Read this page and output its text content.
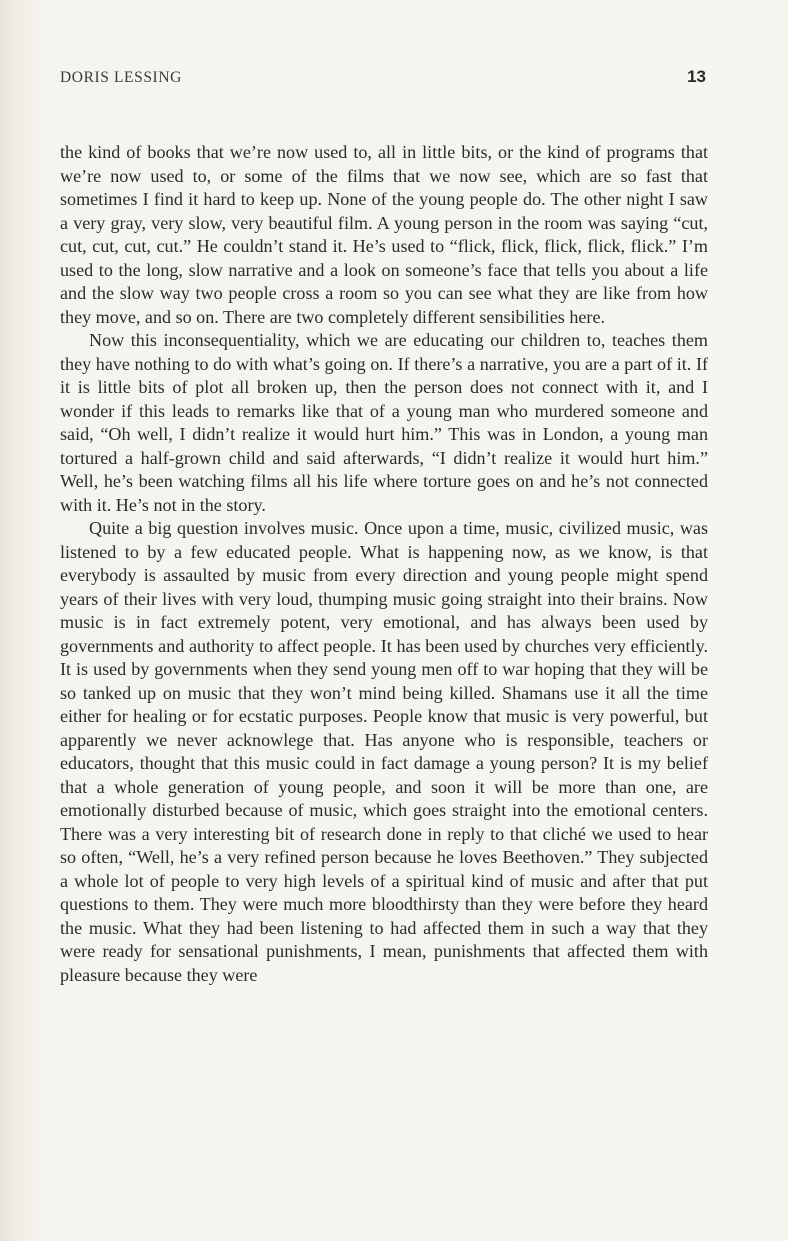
DORIS LESSING	13

the kind of books that we’re now used to, all in little bits, or the kind of programs that we’re now used to, or some of the films that we now see, which are so fast that sometimes I find it hard to keep up. None of the young people do. The other night I saw a very gray, very slow, very beautiful film. A young person in the room was saying “cut, cut, cut, cut, cut.” He couldn’t stand it. He’s used to “flick, flick, flick, flick, flick.” I’m used to the long, slow narrative and a look on someone’s face that tells you about a life and the slow way two people cross a room so you can see what they are like from how they move, and so on. There are two completely different sensibilities here.

Now this inconsequentiality, which we are educating our children to, teaches them they have nothing to do with what’s going on. If there’s a narrative, you are a part of it. If it is little bits of plot all broken up, then the person does not connect with it, and I wonder if this leads to remarks like that of a young man who murdered someone and said, “Oh well, I didn’t realize it would hurt him.” This was in London, a young man tortured a half-grown child and said afterwards, “I didn’t realize it would hurt him.” Well, he’s been watching films all his life where torture goes on and he’s not connected with it. He’s not in the story.

Quite a big question involves music. Once upon a time, music, civilized music, was listened to by a few educated people. What is happening now, as we know, is that everybody is assaulted by music from every direction and young people might spend years of their lives with very loud, thumping music going straight into their brains. Now music is in fact extremely potent, very emotional, and has always been used by governments and authority to affect people. It has been used by churches very efficiently. It is used by governments when they send young men off to war hoping that they will be so tanked up on music that they won’t mind being killed. Shamans use it all the time either for healing or for ecstatic purposes. People know that music is very powerful, but apparently we never acknowlege that. Has anyone who is responsible, teachers or educators, thought that this music could in fact damage a young person? It is my belief that a whole generation of young people, and soon it will be more than one, are emotionally disturbed because of music, which goes straight into the emotional centers. There was a very interesting bit of research done in reply to that cliché we used to hear so often, “Well, he’s a very refined person because he loves Beethoven.” They subjected a whole lot of people to very high levels of a spiritual kind of music and after that put questions to them. They were much more bloodthirsty than they were before they heard the music. What they had been listening to had affected them in such a way that they were ready for sensational punishments, I mean, punishments that affected them with pleasure because they were
